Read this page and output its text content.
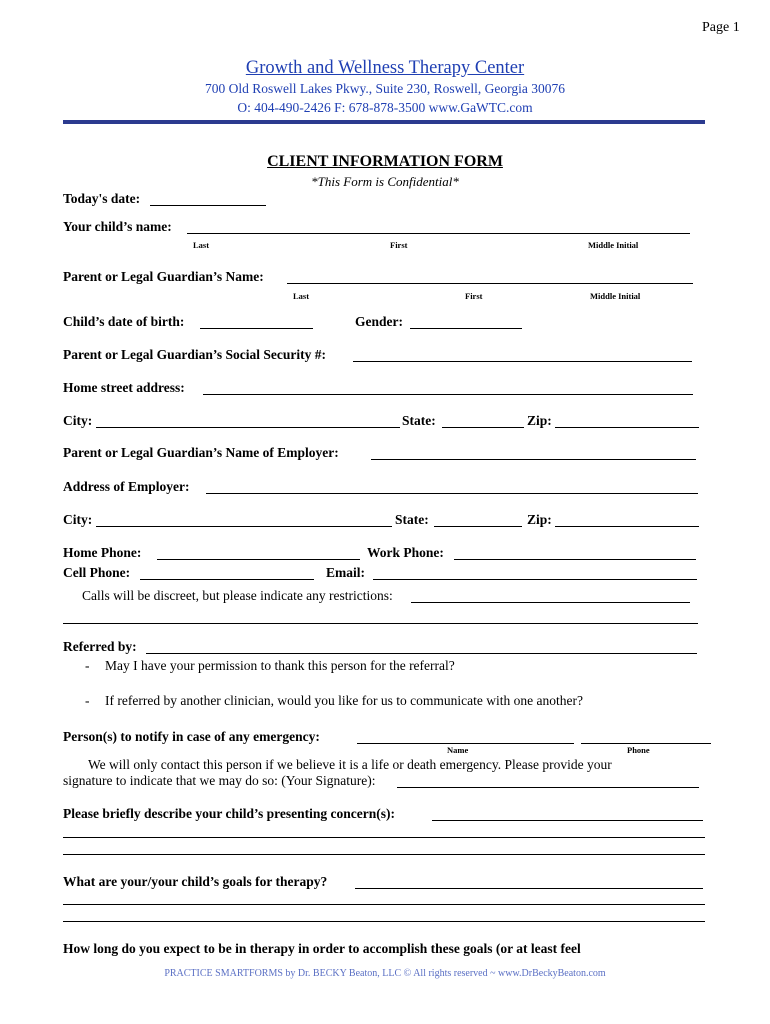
Page 1
Growth and Wellness Therapy Center
700 Old Roswell Lakes Pkwy., Suite 230, Roswell, Georgia 30076
O: 404-490-2426 F: 678-878-3500 www.GaWTC.com
CLIENT INFORMATION FORM
*This Form is Confidential*
Today's date:
Your child’s name:
Last	First	Middle Initial
Parent or Legal Guardian’s Name:
Last	First	Middle Initial
Child’s date of birth:	Gender:
Parent or Legal Guardian’s Social Security #:
Home street address:
City:	State:	Zip:
Parent or Legal Guardian’s Name of Employer:
Address of Employer:
City:	State:	Zip:
Home Phone:	Work Phone:
Cell Phone:	Email:
Calls will be discreet, but please indicate any restrictions:
Referred by:
- May I have your permission to thank this person for the referral?
- If referred by another clinician, would you like for us to communicate with one another?
Person(s) to notify in case of any emergency:
Name	Phone
We will only contact this person if we believe it is a life or death emergency. Please provide your
signature to indicate that we may do so: (Your Signature):
Please briefly describe your child’s presenting concern(s):
What are your/your child’s goals for therapy?
How long do you expect to be in therapy in order to accomplish these goals (or at least feel
PRACTICE SMARTFORMS by Dr. BECKY Beaton, LLC © All rights reserved ~ www.DrBeckyBeaton.com
